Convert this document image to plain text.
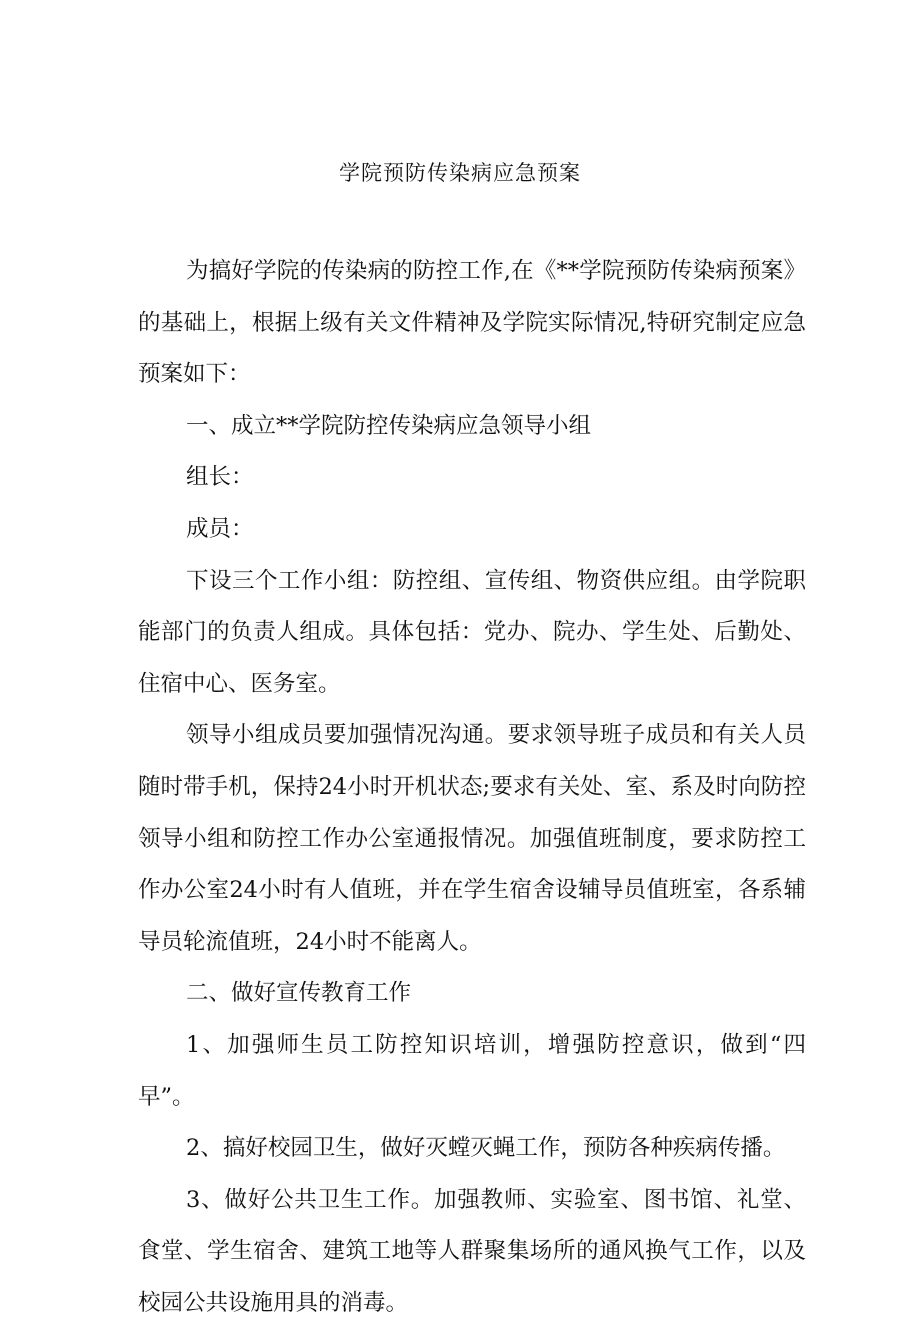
学院预防传染病应急预案

为搞好学院的传染病的防控工作,在《**学院预防传染病预案》的基础上，根据上级有关文件精神及学院实际情况,特研究制定应急预案如下：

一、成立**学院防控传染病应急领导小组

组长：

成员：

下设三个工作小组：防控组、宣传组、物资供应组。由学院职能部门的负责人组成。具体包括：党办、院办、学生处、后勤处、住宿中心、医务室。

领导小组成员要加强情况沟通。要求领导班子成员和有关人员随时带手机，保持24小时开机状态;要求有关处、室、系及时向防控领导小组和防控工作办公室通报情况。加强值班制度，要求防控工作办公室24小时有人值班，并在学生宿舍设辅导员值班室，各系辅导员轮流值班，24小时不能离人。

二、做好宣传教育工作

1、加强师生员工防控知识培训，增强防控意识，做到“四早”。

2、搞好校园卫生，做好灭螳灭蝇工作，预防各种疾病传播。

3、做好公共卫生工作。加强教师、实验室、图书馆、礼堂、食堂、学生宿舍、建筑工地等人群聚集场所的通风换气工作，以及校园公共设施用具的消毒。
